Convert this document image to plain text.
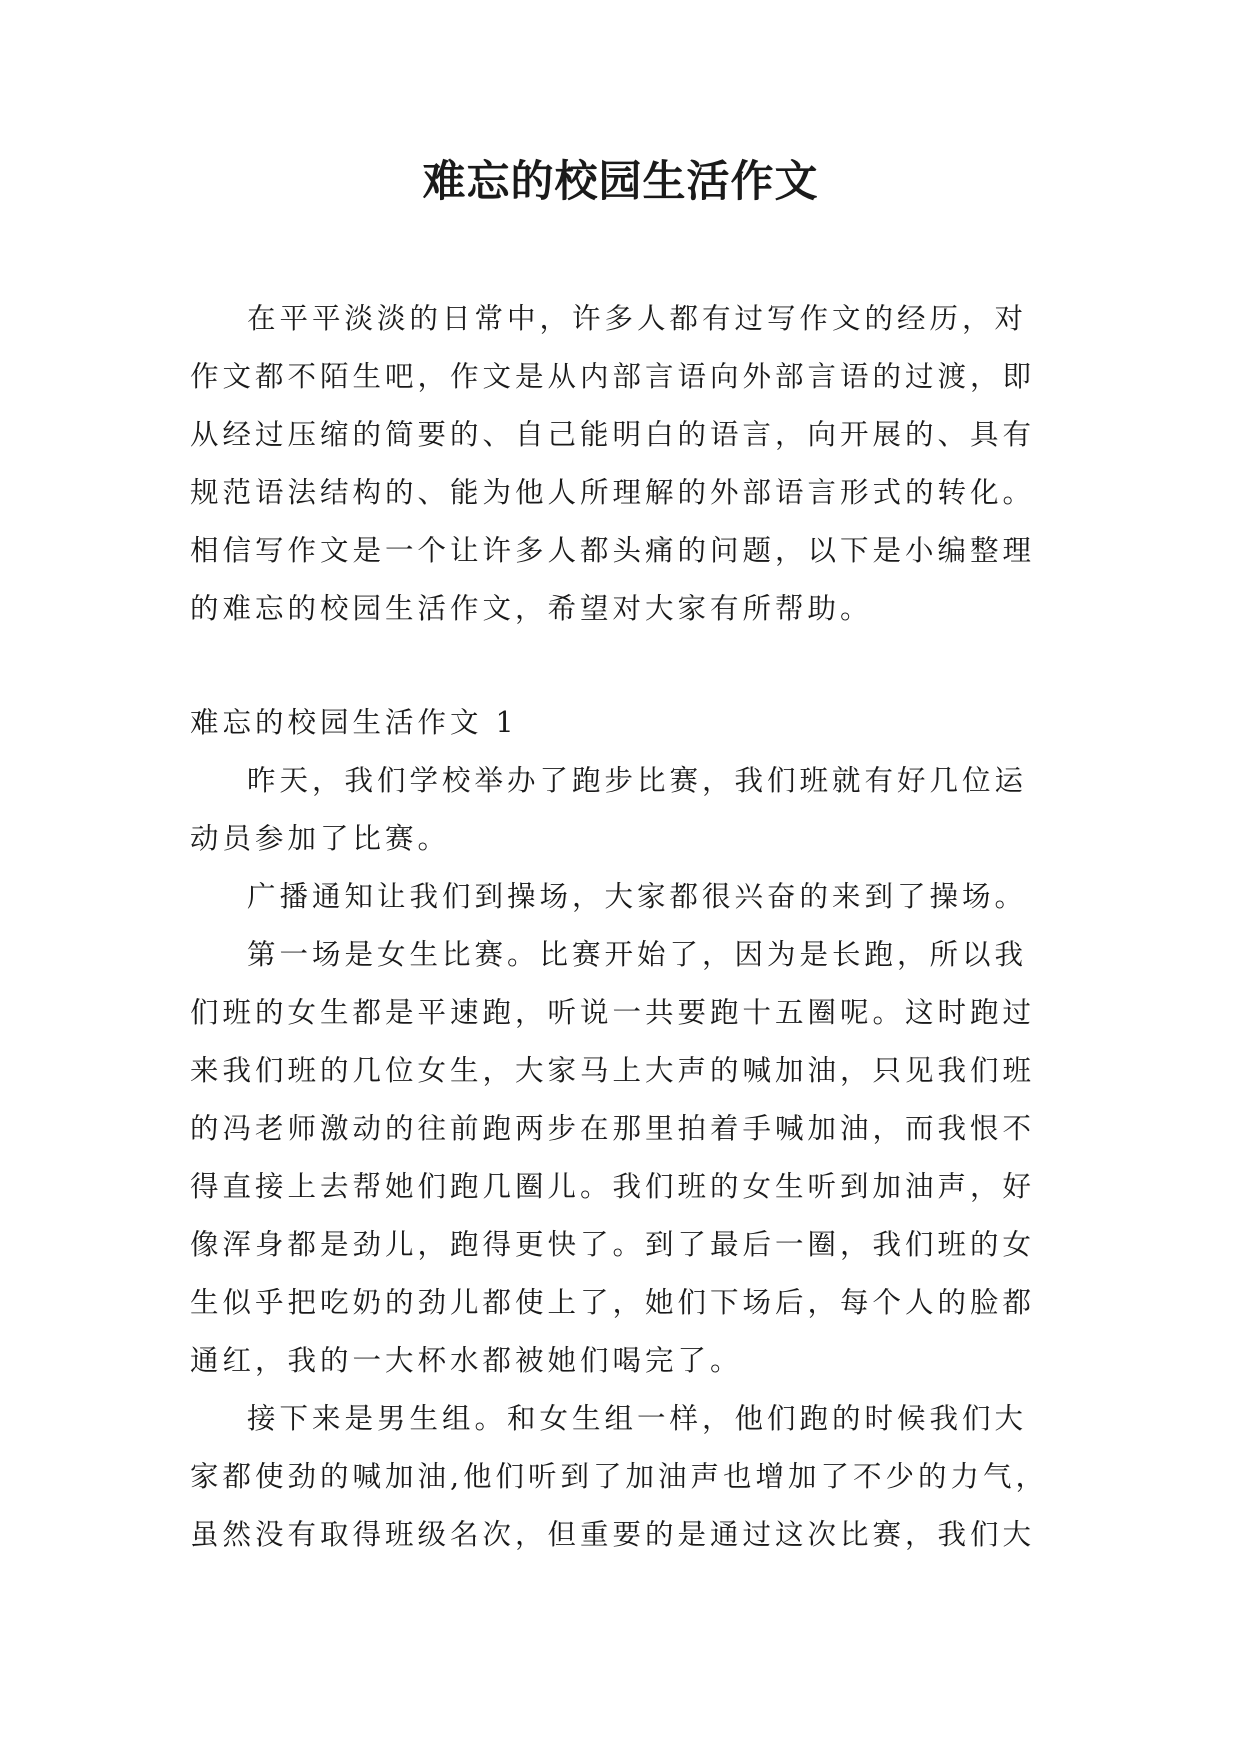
难忘的校园生活作文

在平平淡淡的日常中，许多人都有过写作文的经历，对
作文都不陌生吧，作文是从内部言语向外部言语的过渡，即
从经过压缩的简要的、自己能明白的语言，向开展的、具有
规范语法结构的、能为他人所理解的外部语言形式的转化。
相信写作文是一个让许多人都头痛的问题，以下是小编整理
的难忘的校园生活作文，希望对大家有所帮助。

难忘的校园生活作文 1

昨天，我们学校举办了跑步比赛，我们班就有好几位运
动员参加了比赛。

广播通知让我们到操场，大家都很兴奋的来到了操场。

第一场是女生比赛。比赛开始了，因为是长跑，所以我
们班的女生都是平速跑，听说一共要跑十五圈呢。这时跑过
来我们班的几位女生，大家马上大声的喊加油，只见我们班
的冯老师激动的往前跑两步在那里拍着手喊加油，而我恨不
得直接上去帮她们跑几圈儿。我们班的女生听到加油声，好
像浑身都是劲儿，跑得更快了。到了最后一圈，我们班的女
生似乎把吃奶的劲儿都使上了，她们下场后，每个人的脸都
通红，我的一大杯水都被她们喝完了。

接下来是男生组。和女生组一样，他们跑的时候我们大
家都使劲的喊加油,他们听到了加油声也增加了不少的力气，
虽然没有取得班级名次，但重要的是通过这次比赛，我们大
